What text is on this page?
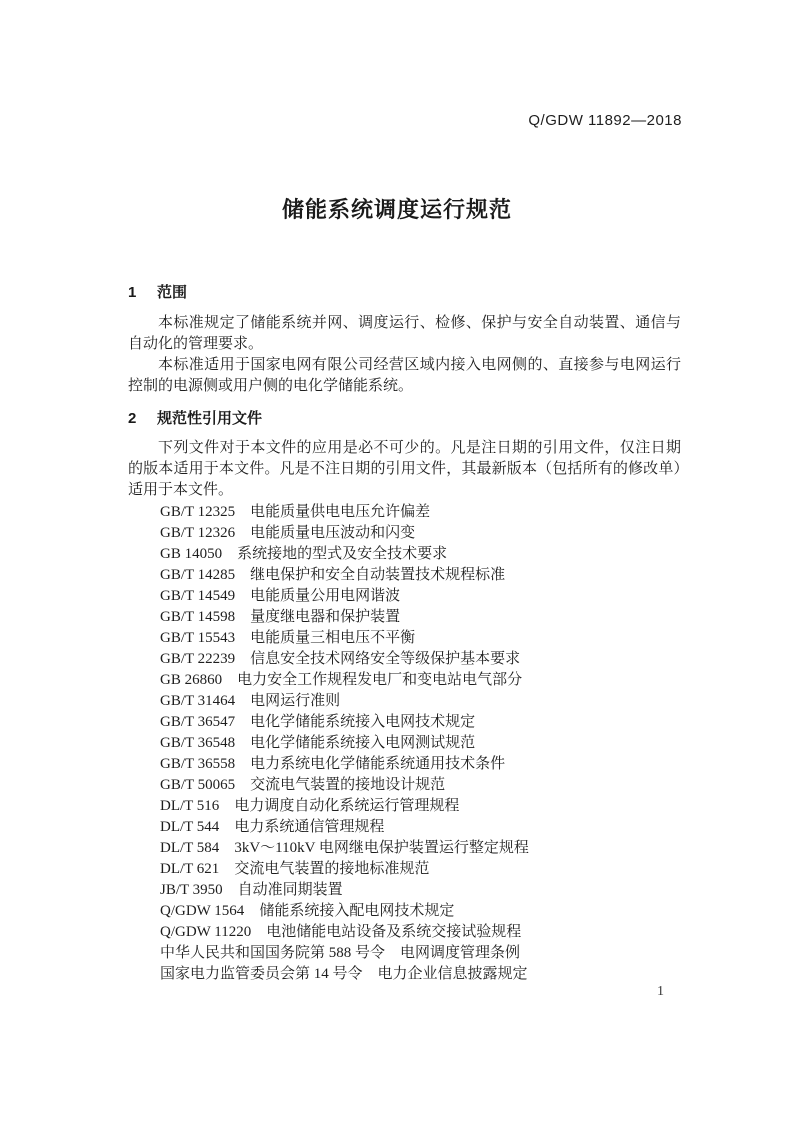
Q/GDW 11892—2018
储能系统调度运行规范
1 范围

本标准规定了储能系统并网、调度运行、检修、保护与安全自动装置、通信与自动化的管理要求。

本标准适用于国家电网有限公司经营区域内接入电网侧的、直接参与电网运行控制的电源侧或用户侧的电化学储能系统。

2 规范性引用文件

下列文件对于本文件的应用是必不可少的。凡是注日期的引用文件，仅注日期的版本适用于本文件。凡是不注日期的引用文件，其最新版本（包括所有的修改单）适用于本文件。

GB/T 12325 电能质量供电电压允许偏差
GB/T 12326 电能质量电压波动和闪变
GB 14050 系统接地的型式及安全技术要求
GB/T 14285 继电保护和安全自动装置技术规程标准
GB/T 14549 电能质量公用电网谐波
GB/T 14598 量度继电器和保护装置
GB/T 15543 电能质量三相电压不平衡
GB/T 22239 信息安全技术网络安全等级保护基本要求
GB 26860 电力安全工作规程发电厂和变电站电气部分
GB/T 31464 电网运行准则
GB/T 36547 电化学储能系统接入电网技术规定
GB/T 36548 电化学储能系统接入电网测试规范
GB/T 36558 电力系统电化学储能系统通用技术条件
GB/T 50065 交流电气装置的接地设计规范
DL/T 516 电力调度自动化系统运行管理规程
DL/T 544 电力系统通信管理规程
DL/T 584 3kV～110kV 电网继电保护装置运行整定规程
DL/T 621 交流电气装置的接地标准规范
JB/T 3950 自动准同期装置
Q/GDW 1564 储能系统接入配电网技术规定
Q/GDW 11220 电池储能电站设备及系统交接试验规程
中华人民共和国国务院第 588 号令 电网调度管理条例
国家电力监管委员会第 14 号令 电力企业信息披露规定
1
